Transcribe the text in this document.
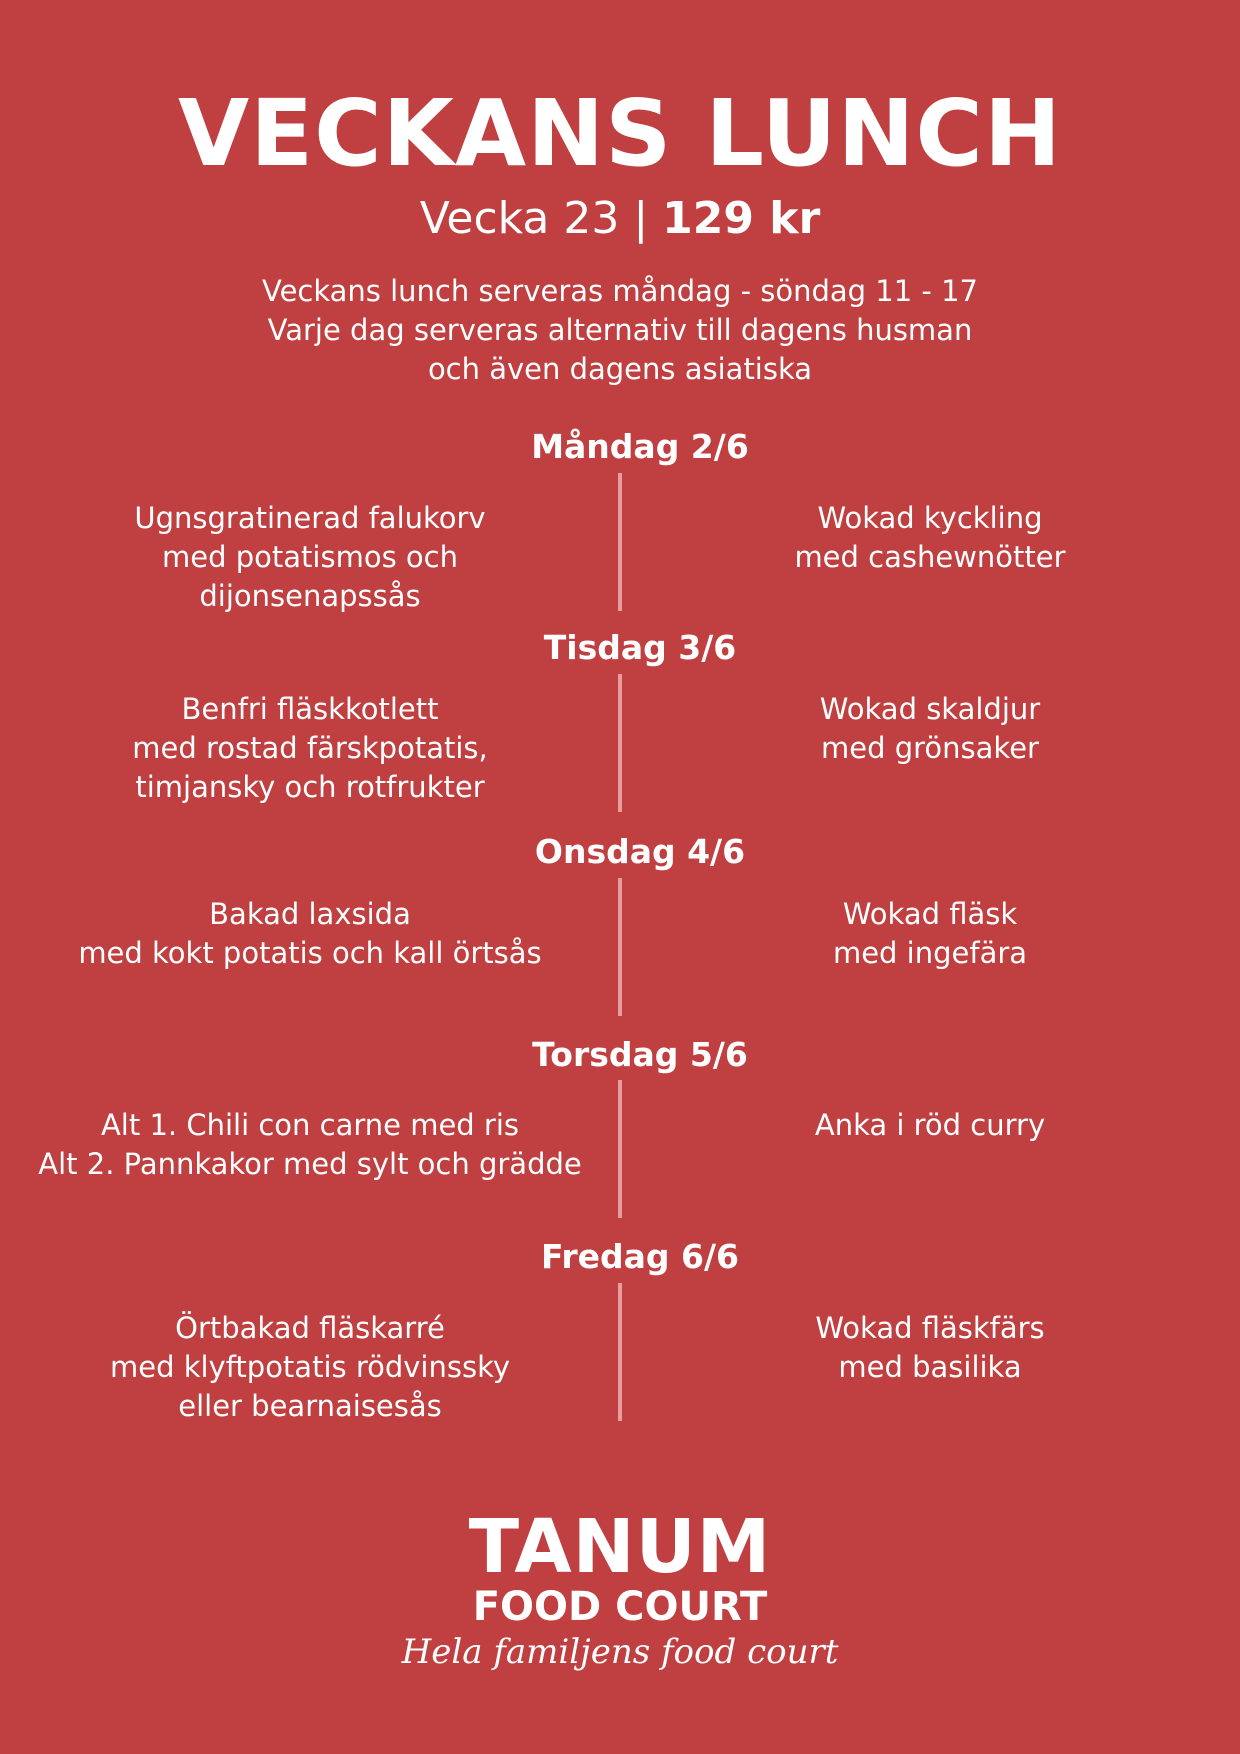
VECKANS LUNCH
Vecka 23 | 129 kr
Veckans lunch serveras måndag - söndag 11 - 17
Varje dag serveras alternativ till dagens husman
och även dagens asiatiska
Måndag 2/6
Ugnsgratinerad falukorv
med potatismos och
dijonsenapssås
Wokad kyckling
med cashewnötter
Tisdag 3/6
Benfri fläskkotlett
med rostad färskpotatis,
timjansky och rotfrukter
Wokad skaldjur
med grönsaker
Onsdag 4/6
Bakad laxsida
med kokt potatis och kall örtsås
Wokad fläsk
med ingefära
Torsdag 5/6
Alt 1. Chili con carne med ris
Alt 2. Pannkakor med sylt och grädde
Anka i röd curry
Fredag 6/6
Örtbakad fläskarré
med klyftpotatis rödvinssky
eller bearnaisesås
Wokad fläskfärs
med basilika
TANUM
FOOD COURT
Hela familjens food court
